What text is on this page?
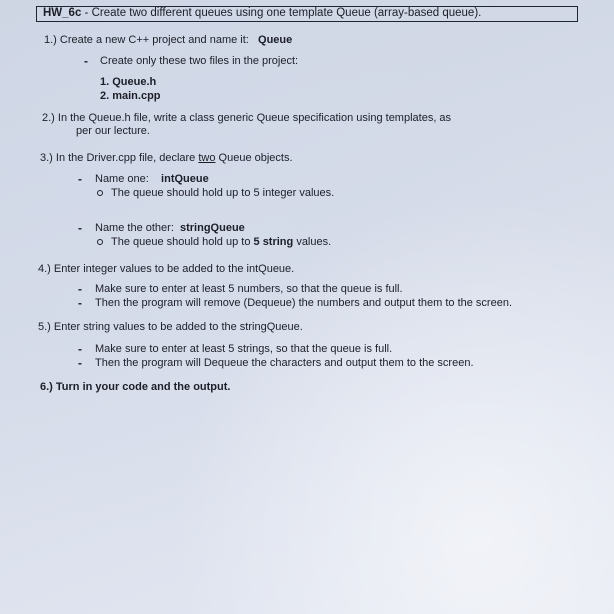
HW_6c - Create two different queues using one template Queue (array-based queue).
1.) Create a new C++ project and name it: Queue
- Create only these two files in the project:
1. Queue.h
2. main.cpp
2.) In the Queue.h file, write a class generic Queue specification using templates, as
per our lecture.
3.) In the Driver.cpp file, declare two Queue objects.
- Name one: intQueue
The queue should hold up to 5 integer values.
- Name the other: stringQueue
The queue should hold up to 5 string values.
4.) Enter integer values to be added to the intQueue.
- Make sure to enter at least 5 numbers, so that the queue is full.
- Then the program will remove (Dequeue) the numbers and output them to the screen.
5.) Enter string values to be added to the stringQueue.
- Make sure to enter at least 5 strings, so that the queue is full.
- Then the program will Dequeue the characters and output them to the screen.
6.) Turn in your code and the output.
